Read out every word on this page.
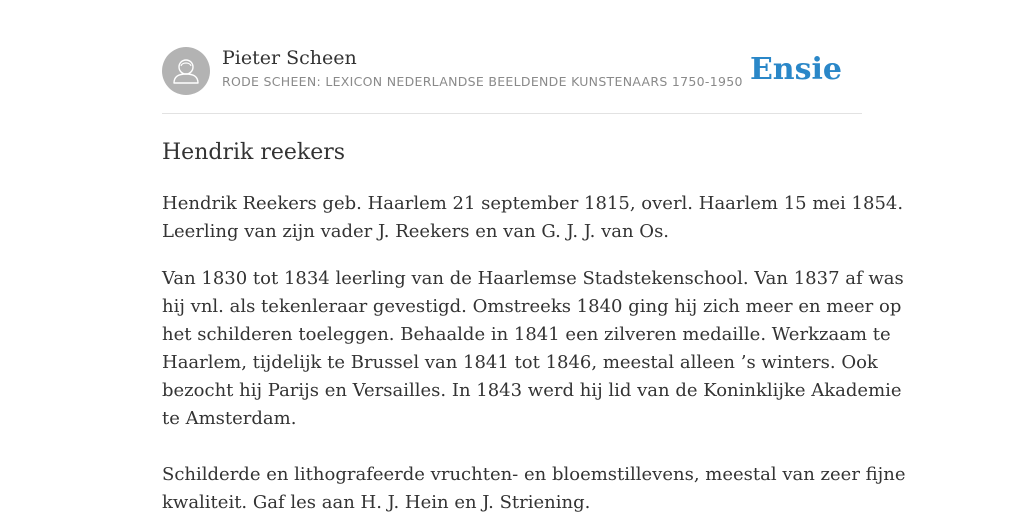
Pieter Scheen
RODE SCHEEN: LEXICON NEDERLANDSE BEELDENDE KUNSTENAARS 1750-1950 Ensie
Hendrik reekers

Hendrik Reekers geb. Haarlem 21 september 1815, overl. Haarlem 15 mei 1854.
Leerling van zijn vader J. Reekers en van G. J. J. van Os.

Van 1830 tot 1834 leerling van de Haarlemse Stadstekenschool. Van 1837 af was
hij vnl. als tekenleraar gevestigd. Omstreeks 1840 ging hij zich meer en meer op
het schilderen toeleggen. Behaalde in 1841 een zilveren medaille. Werkzaam te
Haarlem, tijdelijk te Brussel van 1841 tot 1846, meestal alleen ’s winters. Ook
bezocht hij Parijs en Versailles. In 1843 werd hij lid van de Koninklijke Akademie
te Amsterdam.

Schilderde en lithografeerde vruchten- en bloemstillevens, meestal van zeer fijne
kwaliteit. Gaf les aan H. J. Hein en J. Striening.
